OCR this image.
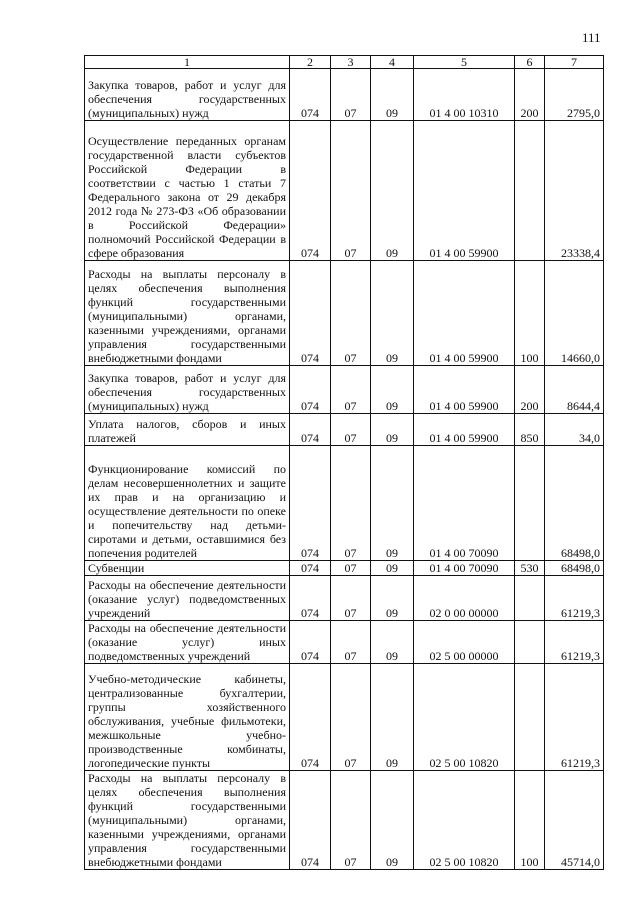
111
1	2	3	4	5	6	7
Закупка товаров, работ и услуг для обеспечения государственных (муниципальных) нужд	074	07	09	01 4 00 10310	200	2795,0
Осуществление переданных органам государственной власти субъектов Российской Федерации в соответствии с частью 1 статьи 7 Федерального закона от 29 декабря 2012 года № 273-ФЗ «Об образовании в Российской Федерации» полномочий Российской Федерации в сфере образования	074	07	09	01 4 00 59900		23338,4
Расходы на выплаты персоналу в целях обеспечения выполнения функций государственными (муниципальными) органами, казенными учреждениями, органами управления государственными внебюджетными фондами	074	07	09	01 4 00 59900	100	14660,0
Закупка товаров, работ и услуг для обеспечения государственных (муниципальных) нужд	074	07	09	01 4 00 59900	200	8644,4
Уплата налогов, сборов и иных платежей	074	07	09	01 4 00 59900	850	34,0
Функционирование комиссий по делам несовершеннолетних и защите их прав и на организацию и осуществление деятельности по опеке и попечительству над детьми-сиротами и детьми, оставшимися без попечения родителей	074	07	09	01 4 00 70090		68498,0
Субвенции	074	07	09	01 4 00 70090	530	68498,0
Расходы на обеспечение деятельности (оказание услуг) подведомственных учреждений	074	07	09	02 0 00 00000		61219,3
Расходы на обеспечение деятельности (оказание услуг) иных подведомственных учреждений	074	07	09	02 5 00 00000		61219,3
Учебно-методические кабинеты, централизованные бухгалтерии, группы хозяйственного обслуживания, учебные фильмотеки, межшкольные учебно-производственные комбинаты, логопедические пункты	074	07	09	02 5 00 10820		61219,3
Расходы на выплаты персоналу в целях обеспечения выполнения функций государственными (муниципальными) органами, казенными учреждениями, органами управления государственными внебюджетными фондами	074	07	09	02 5 00 10820	100	45714,0
